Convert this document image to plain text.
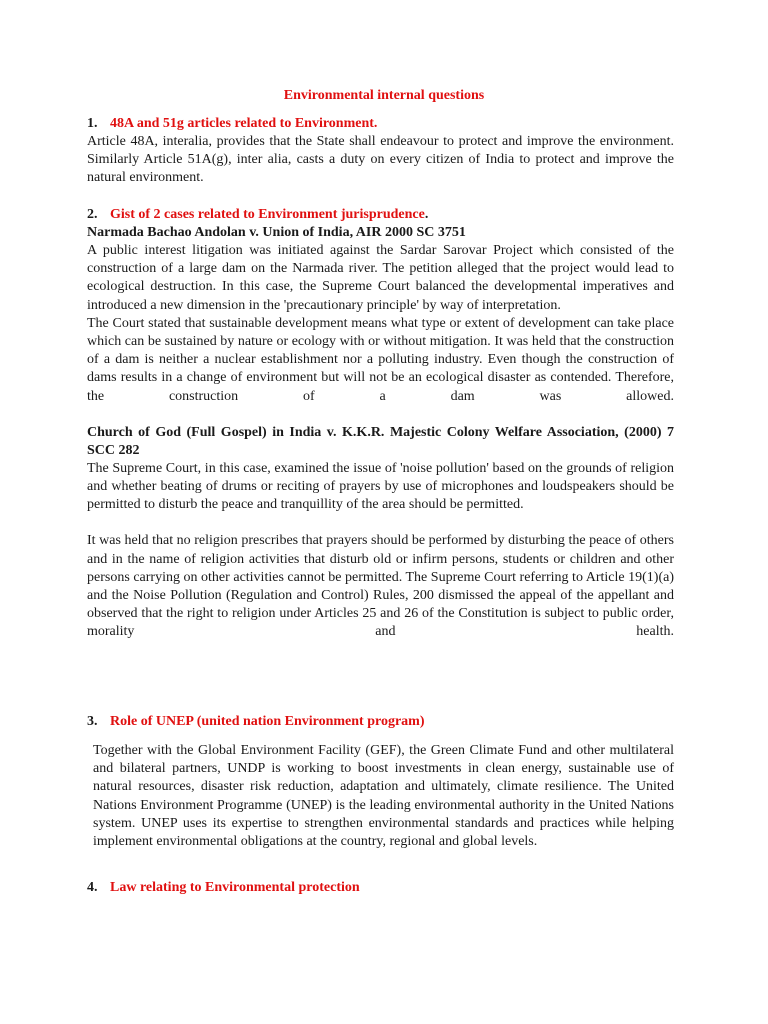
Environmental internal questions
1. 48A and 51g articles related to Environment.

Article 48A, interalia, provides that the State shall endeavour to protect and improve the environment. Similarly Article 51A(g), inter alia, casts a duty on every citizen of India to protect and improve the natural environment.

2. Gist of 2 cases related to Environment jurisprudence.
Narmada Bachao Andolan v. Union of India, AIR 2000 SC 3751

A public interest litigation was initiated against the Sardar Sarovar Project which consisted of the construction of a large dam on the Narmada river. The petition alleged that the project would lead to ecological destruction. In this case, the Supreme Court balanced the developmental imperatives and introduced a new dimension in the 'precautionary principle' by way of interpretation.

The Court stated that sustainable development means what type or extent of development can take place which can be sustained by nature or ecology with or without mitigation. It was held that the construction of a dam is neither a nuclear establishment nor a polluting industry. Even though the construction of dams results in a change of environment but will not be an ecological disaster as contended. Therefore, the construction of a dam was allowed.

Church of God (Full Gospel) in India v. K.K.R. Majestic Colony Welfare Association, (2000) 7 SCC 282

The Supreme Court, in this case, examined the issue of 'noise pollution' based on the grounds of religion and whether beating of drums or reciting of prayers by use of microphones and loudspeakers should be permitted to disturb the peace and tranquillity of the area should be permitted.

It was held that no religion prescribes that prayers should be performed by disturbing the peace of others and in the name of religion activities that disturb old or infirm persons, students or children and other persons carrying on other activities cannot be permitted. The Supreme Court referring to Article 19(1)(a) and the Noise Pollution (Regulation and Control) Rules, 200 dismissed the appeal of the appellant and observed that the right to religion under Articles 25 and 26 of the Constitution is subject to public order, morality and health.

3. Role of UNEP (united nation Environment program)

Together with the Global Environment Facility (GEF), the Green Climate Fund and other multilateral and bilateral partners, UNDP is working to boost investments in clean energy, sustainable use of natural resources, disaster risk reduction, adaptation and ultimately, climate resilience. The United Nations Environment Programme (UNEP) is the leading environmental authority in the United Nations system. UNEP uses its expertise to strengthen environmental standards and practices while helping implement environmental obligations at the country, regional and global levels.

4. Law relating to Environmental protection
